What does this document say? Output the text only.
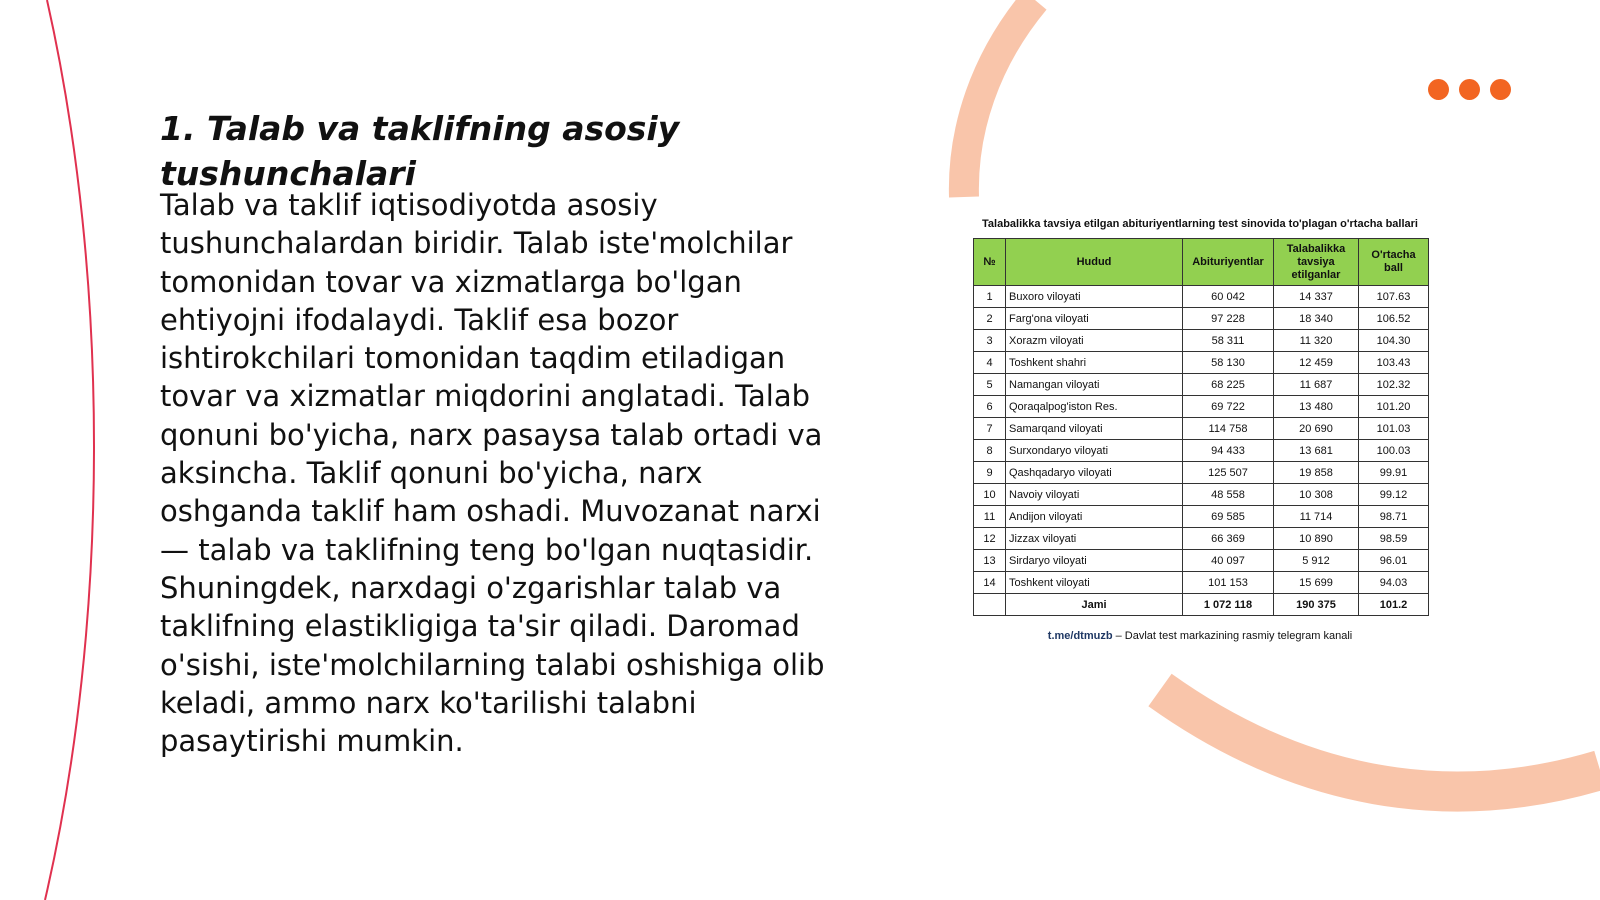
1. Talab va taklifning asosiy tushunchalari

Talab va taklif iqtisodiyotda asosiy tushunchalardan biridir. Talab iste'molchilar tomonidan tovar va xizmatlarga bo'lgan ehtiyojni ifodalaydi. Taklif esa bozor ishtirokchilari tomonidan taqdim etiladigan tovar va xizmatlar miqdorini anglatadi. Talab qonuni bo'yicha, narx pasaysa talab ortadi va aksincha. Taklif qonuni bo'yicha, narx oshganda taklif ham oshadi. Muvozanat narxi — talab va taklifning teng bo'lgan nuqtasidir. Shuningdek, narxdagi o'zgarishlar talab va taklifning elastikligiga ta'sir qiladi. Daromad o'sishi, iste'molchilarning talabi oshishiga olib keladi, ammo narx ko'tarilishi talabni pasaytirishi mumkin.

Talabalikka tavsiya etilgan abituriyentlarning test sinovida to'plagan o'rtacha ballari

№	Hudud	Abituriyentlar	Talabalikka tavsiya etilganlar	O'rtacha ball
1	Buxoro viloyati	60 042	14 337	107.63
2	Farg'ona viloyati	97 228	18 340	106.52
3	Xorazm viloyati	58 311	11 320	104.30
4	Toshkent shahri	58 130	12 459	103.43
5	Namangan viloyati	68 225	11 687	102.32
6	Qoraqalpog'iston Res.	69 722	13 480	101.20
7	Samarqand viloyati	114 758	20 690	101.03
8	Surxondaryo viloyati	94 433	13 681	100.03
9	Qashqadaryo viloyati	125 507	19 858	99.91
10	Navoiy viloyati	48 558	10 308	99.12
11	Andijon viloyati	69 585	11 714	98.71
12	Jizzax viloyati	66 369	10 890	98.59
13	Sirdaryo viloyati	40 097	5 912	96.01
14	Toshkent viloyati	101 153	15 699	94.03
	Jami	1 072 118	190 375	101.2
t.me/dtmuzb – Davlat test markazining rasmiy telegram kanali
